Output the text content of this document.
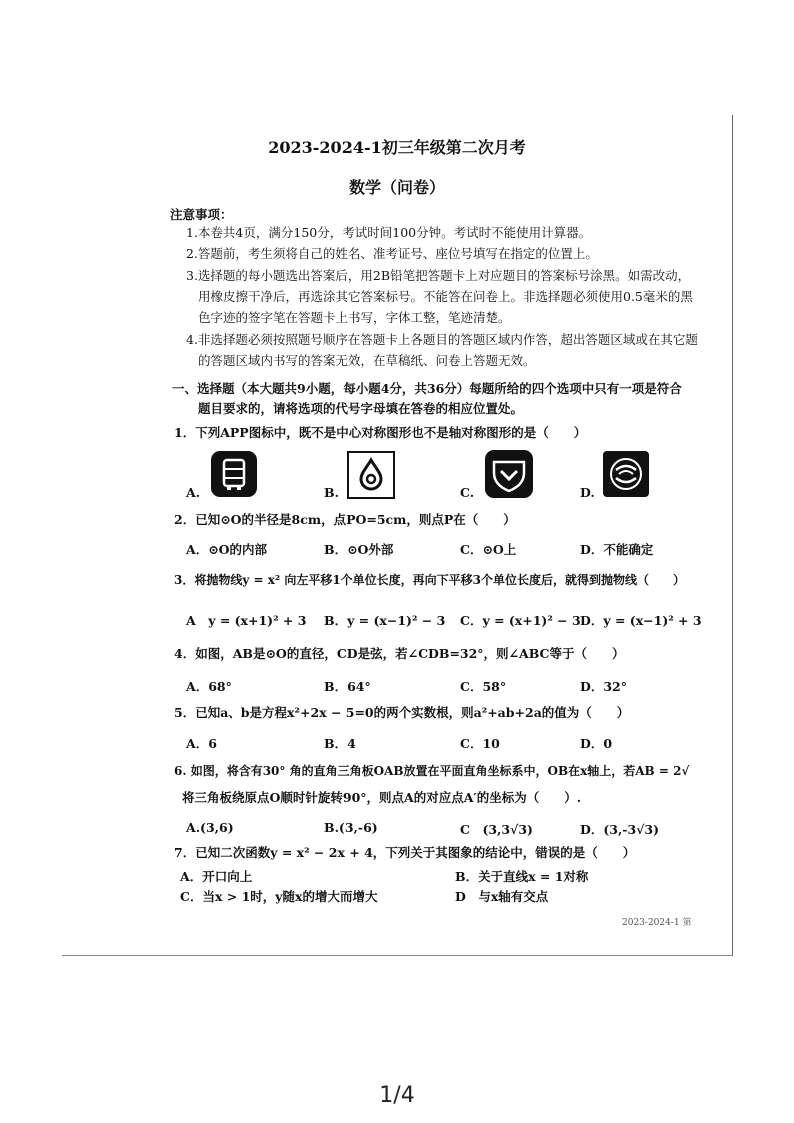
2023-2024-1初三年级第二次月考
数学（问卷）
注意事项：
1.本卷共4页，满分150分，考试时间100分钟。考试时不能使用计算器。
2.答题前，考生须将自己的姓名、准考证号、座位号填写在指定的位置上。
3.选择题的每小题选出答案后，用2B铅笔把答题卡上对应题目的答案标号涂黑。如需改动，
用橡皮擦干净后，再选涂其它答案标号。不能答在问卷上。非选择题必须使用0.5毫米的黑
色字迹的签字笔在答题卡上书写，字体工整，笔迹清楚。
4.非选择题必须按照题号顺序在答题卡上各题目的答题区域内作答，超出答题区域或在其它题
的答题区域内书写的答案无效，在草稿纸、问卷上答题无效。
一、选择题（本大题共9小题，每小题4分，共36分）每题所给的四个选项中只有一项是符合
题目要求的，请将选项的代号字母填在答卷的相应位置处。
1．下列APP图标中，既不是中心对称图形也不是轴对称图形的是（　　）
A.	B.	C.	D.
2．已知⊙O的半径是8cm，点PO=5cm，则点P在（　　）
A．⊙O的内部	B．⊙O外部	C．⊙O上	D．不能确定
3．将抛物线y = x² 向左平移1个单位长度，再向下平移3个单位长度后，就得到抛物线（　　）
A　y = (x+1)² + 3 B．y = (x−1)² − 3 C．y = (x+1)² − 3 D．y = (x−1)² + 3
4．如图，AB是⊙O的直径，CD是弦，若∠CDB=32°，则∠ABC等于（　　）
A．68°	B．64°	C．58°	D．32°
5．已知a、b是方程x²+2x − 5=0的两个实数根，则a²+ab+2a的值为（　　）
A．6	B．4	C．10	D．0
6. 如图，将含有30° 角的直角三角板OAB放置在平面直角坐标系中，OB在x轴上，若AB = 2√
将三角板绕原点O顺时针旋转90°，则点A的对应点A′的坐标为（　　）.
A.(3,6)	B.(3,-6)	C　(3,3√3)	D．(3,-3√3)
7．已知二次函数y = x² − 2x + 4，下列关于其图象的结论中，错误的是（　　）
A．开口向上	B．关于直线x = 1对称
C．当x > 1时，y随x的增大而增大	D　与x轴有交点
2023-2024-1 第
1/4
